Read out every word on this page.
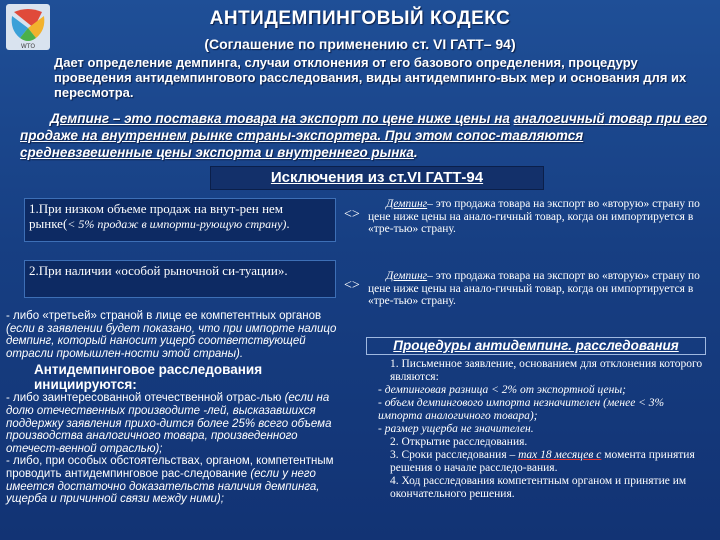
WTO
АНТИДЕМПИНГОВЫЙ КОДЕКС
(Соглашение по применению ст. VI ГАТТ– 94)
Дает определение демпинга, случаи отклонения от его базового определения, процедуру проведения антидемпингового расследования, виды антидемпинго-вых мер и основания для их пересмотра.
Демпинг – это поставка товара на экспорт по цене ниже цены на аналогичный товар при его продаже на внутреннем рынке страны-экспортера. При этом сопос-тавляются средневзвешенные цены экспорта и внутреннего рынка.
Исключения из ст.VI ГАТТ-94
1.При низком объеме продаж на внут-рен нем рынке(< 5% продаж в импорти-рующую страну).
<>
Демпинг– это продажа товара на экспорт во «вторую» страну по цене ниже цены на анало-гичный товар, когда он импортируется в «тре-тью» страну.
2.При наличии «особой рыночной си-туации».
<>
Демпинг– это продажа товара на экспорт во «вторую» страну по цене ниже цены на анало-гичный товар, когда он импортируется в «тре-тью» страну.
- либо «третьей» страной в лице ее компетентных органов (если в заявлении будет показано, что при импорте налицо демпинг, который наносит ущерб соответствующей отрасли промышлен-ности этой страны).
Антидемпинговое расследования инициируются:
- либо заинтересованной отечественной отрас-лью (если на долю отечественных производите -лей, высказавшихся поддержку заявления прихо-дится более 25% всего объема производства аналогичного товара, произведенного отечест-венной отраслью);
- либо, при особых обстоятельствах, органом, компетентным проводить антидемпинговое рас-следование (если у него имеется достаточно доказательств наличия демпинга, ущерба и причинной связи между ними);
Процедуры антидемпинг. расследования
1. Письменное заявление, основанием для отклонения которого являются:
- демпинговая разница < 2% от экспортной цены;
- объем демпингового импорта незначителен (менее < 3% импорта аналогичного товара);
- размер ущерба не значителен.
2. Открытие расследования.
3. Сроки расследования – max 18 месяцев с момента принятия решения о начале расследо-вания.
4. Ход расследования компетентным органом и принятие им окончательного решения.
